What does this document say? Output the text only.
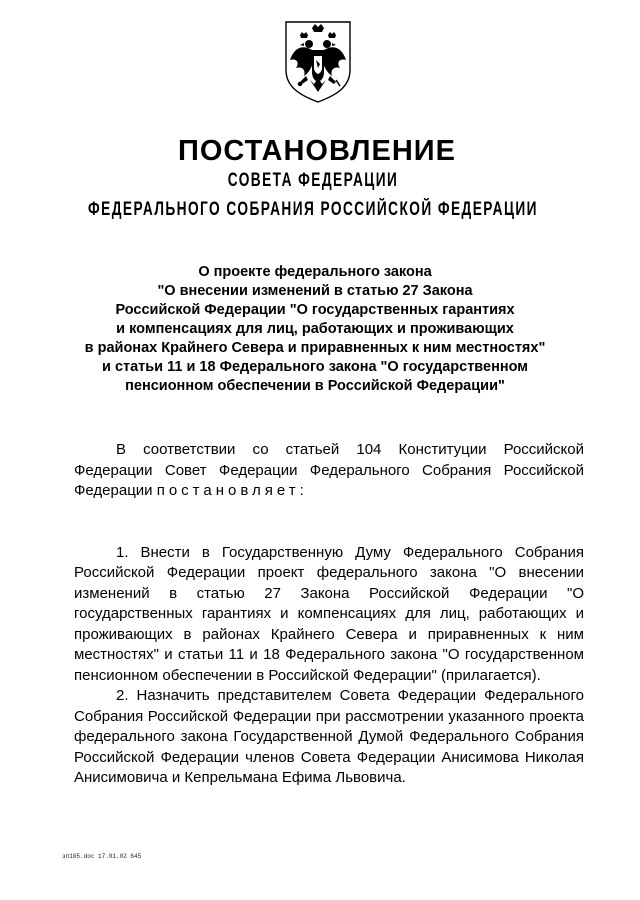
ПОСТАНОВЛЕНИЕ
СОВЕТА ФЕДЕРАЦИИ
ФЕДЕРАЛЬНОГО СОБРАНИЯ РОССИЙСКОЙ ФЕДЕРАЦИИ
О проекте федерального закона
"О внесении изменений в статью 27 Закона
Российской Федерации "О государственных гарантиях
и компенсациях для лиц, работающих и проживающих
в районах Крайнего Севера и приравненных к ним местностях"
и статьи 11 и 18 Федерального закона "О государственном
пенсионном обеспечении в Российской Федерации"

В соответствии со статьей 104 Конституции Российской Федерации Совет Федерации Федерального Собрания Российской Федерации постановляет:

1. Внести в Государственную Думу Федерального Собрания Российской Федерации проект федерального закона "О внесении изменений в статью 27 Закона Российской Федерации "О государственных гарантиях и компенсациях для лиц, работающих и проживающих в районах Крайнего Севера и приравненных к ним местностях" и статьи 11 и 18 Федерального закона "О государственном пенсионном обеспечении в Российской Федерации" (прилагается).

2. Назначить представителем Совета Федерации Федерального Собрания Российской Федерации при рассмотрении указанного проекта федерального закона Государственной Думой Федерального Собрания Российской Федерации членов Совета Федерации Анисимова Николая Анисимовича и Кепрельмана Ефима Львовича.

зп105.doc 17.01.02 645
